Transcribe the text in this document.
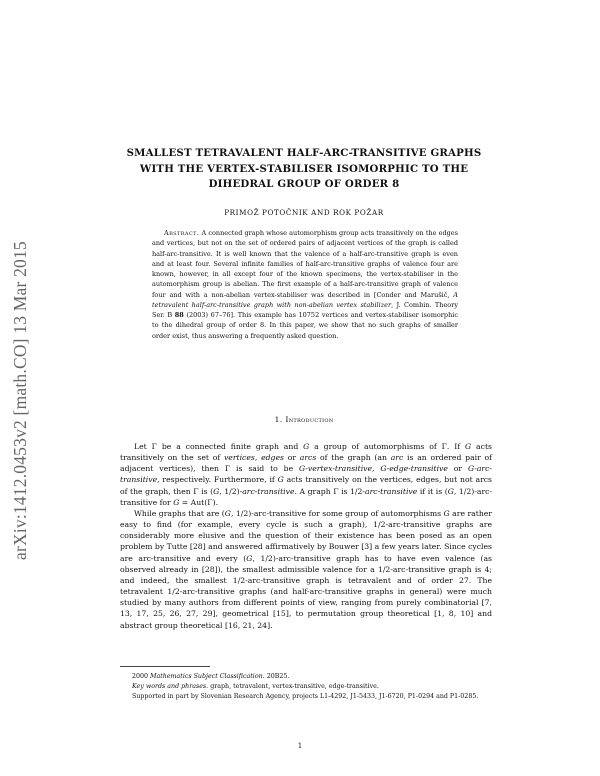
arXiv:1412.0453v2 [math.CO] 13 Mar 2015
SMALLEST TETRAVALENT HALF-ARC-TRANSITIVE GRAPHS
WITH THE VERTEX-STABILISER ISOMORPHIC TO THE
DIHEDRAL GROUP OF ORDER 8
PRIMOŽ POTOČNIK AND ROK POŽAR
Abstract. A connected graph whose automorphism group acts transitively on the edges and vertices, but not on the set of ordered pairs of adjacent vertices of the graph is called half-arc-transitive. It is well known that the valence of a half-arc-transitive graph is even and at least four. Several infinite families of half-arc-transitive graphs of valence four are known, however, in all except four of the known specimens, the vertex-stabiliser in the automorphism group is abelian. The first example of a half-arc-transitive graph of valence four and with a non-abelian vertex-stabiliser was described in [Conder and Marušič, A tetravalent half-arc-transitive graph with non-abelian vertex stabilizer, J. Combin. Theory Ser. B 88 (2003) 67–76]. This example has 10752 vertices and vertex-stabiliser isomorphic to the dihedral group of order 8. In this paper, we show that no such graphs of smaller order exist, thus answering a frequently asked question.
1. Introduction

Let Γ be a connected finite graph and G a group of automorphisms of Γ. If G acts transitively on the set of vertices, edges or arcs of the graph (an arc is an ordered pair of adjacent vertices), then Γ is said to be G-vertex-transitive, G-edge-transitive or G-arc-transitive, respectively. Furthermore, if G acts transitively on the vertices, edges, but not arcs of the graph, then Γ is (G, 1/2)-arc-transitive. A graph Γ is 1/2-arc-transitive if it is (G, 1/2)-arc-transitive for G = Aut(Γ).

While graphs that are (G, 1/2)-arc-transitive for some group of automorphisms G are rather easy to find (for example, every cycle is such a graph), 1/2-arc-transitive graphs are considerably more elusive and the question of their existence has been posed as an open problem by Tutte [28] and answered affirmatively by Bouwer [3] a few years later. Since cycles are arc-transitive and every (G, 1/2)-arc-transitive graph has to have even valence (as observed already in [28]), the smallest admissible valence for a 1/2-arc-transitive graph is 4; and indeed, the smallest 1/2-arc-transitive graph is tetravalent and of order 27. The tetravalent 1/2-arc-transitive graphs (and half-arc-transitive graphs in general) were much studied by many authors from different points of view, ranging from purely combinatorial [7, 13, 17, 25, 26, 27, 29], geometrical [15], to permutation group theoretical [1, 8, 10] and abstract group theoretical [16, 21, 24].

2000 Mathematics Subject Classification. 20B25.
Key words and phrases. graph, tetravalent, vertex-transitive, edge-transitive.
Supported in part by Slovenian Research Agency, projects L1-4292, J1-5433, J1-6720, P1-0294 and P1-0285.
1
